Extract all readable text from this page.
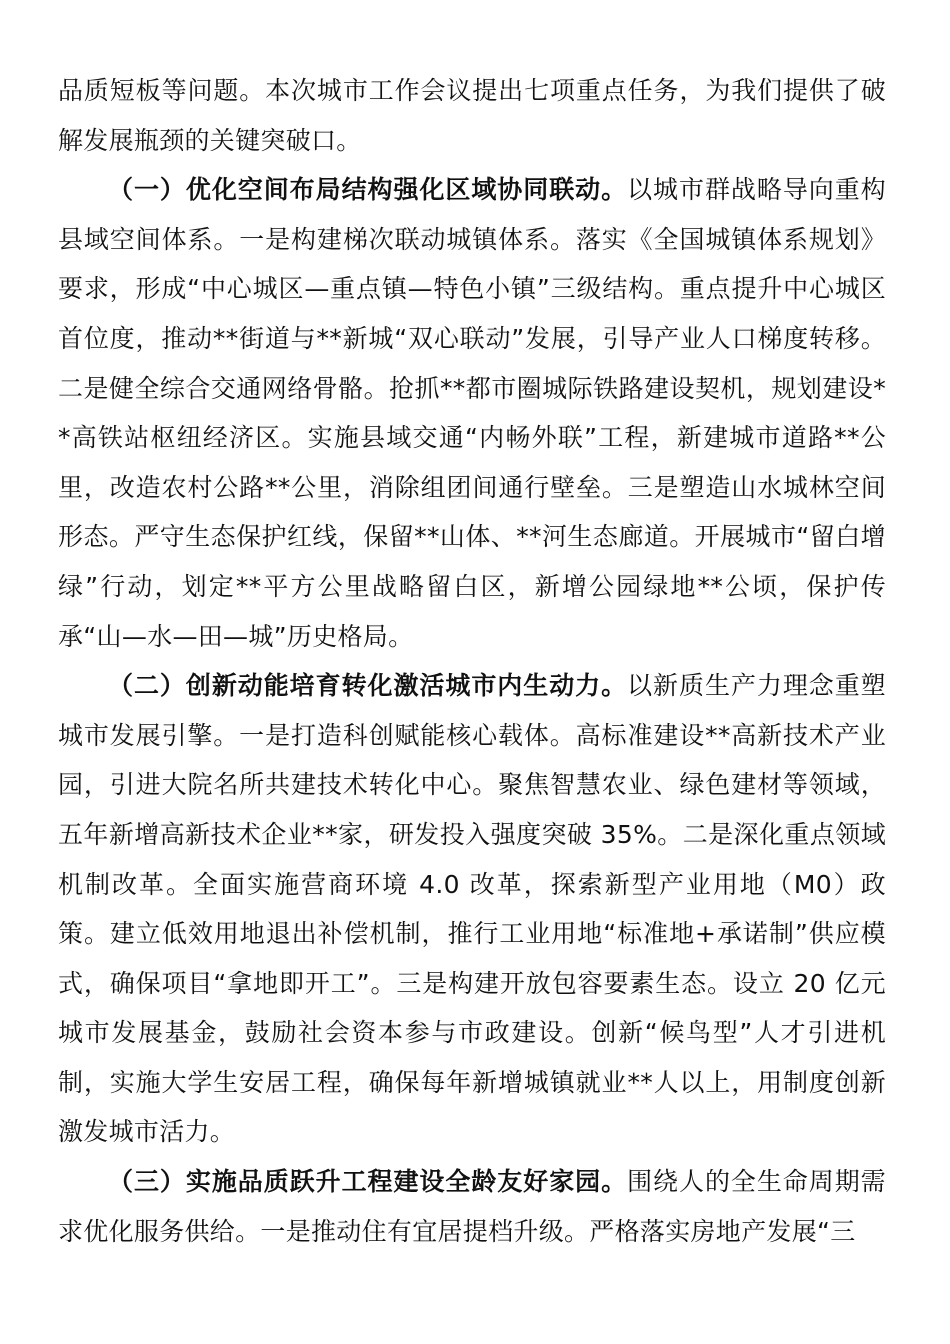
品质短板等问题。本次城市工作会议提出七项重点任务，为我们提供了破解发展瓶颈的关键突破口。

（一）优化空间布局结构强化区域协同联动。以城市群战略导向重构县域空间体系。一是构建梯次联动城镇体系。落实《全国城镇体系规划》要求，形成“中心城区—重点镇—特色小镇”三级结构。重点提升中心城区首位度，推动**街道与**新城“双心联动”发展，引导产业人口梯度转移。二是健全综合交通网络骨骼。抢抓**都市圈城际铁路建设契机，规划建设**高铁站枢纽经济区。实施县域交通“内畅外联”工程，新建城市道路**公里，改造农村公路**公里，消除组团间通行壁垒。三是塑造山水城林空间形态。严守生态保护红线，保留**山体、**河生态廊道。开展城市“留白增绿”行动，划定**平方公里战略留白区，新增公园绿地**公顷，保护传承“山—水—田—城”历史格局。

（二）创新动能培育转化激活城市内生动力。以新质生产力理念重塑城市发展引擎。一是打造科创赋能核心载体。高标准建设**高新技术产业园，引进大院名所共建技术转化中心。聚焦智慧农业、绿色建材等领域，五年新增高新技术企业**家，研发投入强度突破 35%。二是深化重点领域机制改革。全面实施营商环境 4.0 改革，探索新型产业用地（M0）政策。建立低效用地退出补偿机制，推行工业用地“标准地+承诺制”供应模式，确保项目“拿地即开工”。三是构建开放包容要素生态。设立 20 亿元城市发展基金，鼓励社会资本参与市政建设。创新“候鸟型”人才引进机制，实施大学生安居工程，确保每年新增城镇就业**人以上，用制度创新激发城市活力。

（三）实施品质跃升工程建设全龄友好家园。围绕人的全生命周期需求优化服务供给。一是推动住有宜居提档升级。严格落实房地产发展“三
